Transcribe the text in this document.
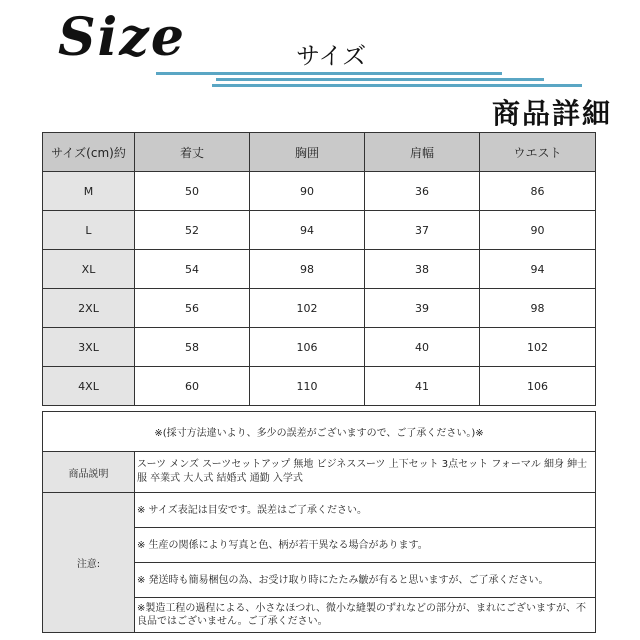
Size	サイズ
商品詳細
サイズ(cm)約	着丈	胸囲	肩幅	ウエスト
M	50	90	36	86
L	52	94	37	90
XL	54	98	38	94
2XL	56	102	39	98
3XL	58	106	40	102
4XL	60	110	41	106
※(採寸方法違いより、多少の誤差がございますので、ご了承ください。)※	
商品説明	スーツ メンズ スーツセットアップ 無地 ビジネススーツ 上下セット 3点セット フォーマル 細身 紳士服 卒業式 大人式 結婚式 通勤 入学式
注意:	※ サイズ表記は目安です。誤差はご了承ください。
	※ 生産の関係により写真と色、柄が若干異なる場合があります。
	※ 発送時も簡易梱包の為、お受け取り時にたたみ皺が有ると思いますが、ご了承ください。
	※製造工程の過程による、小さなほつれ、微小な縫製のずれなどの部分が、まれにございますが、不良品ではございません。ご了承ください。
